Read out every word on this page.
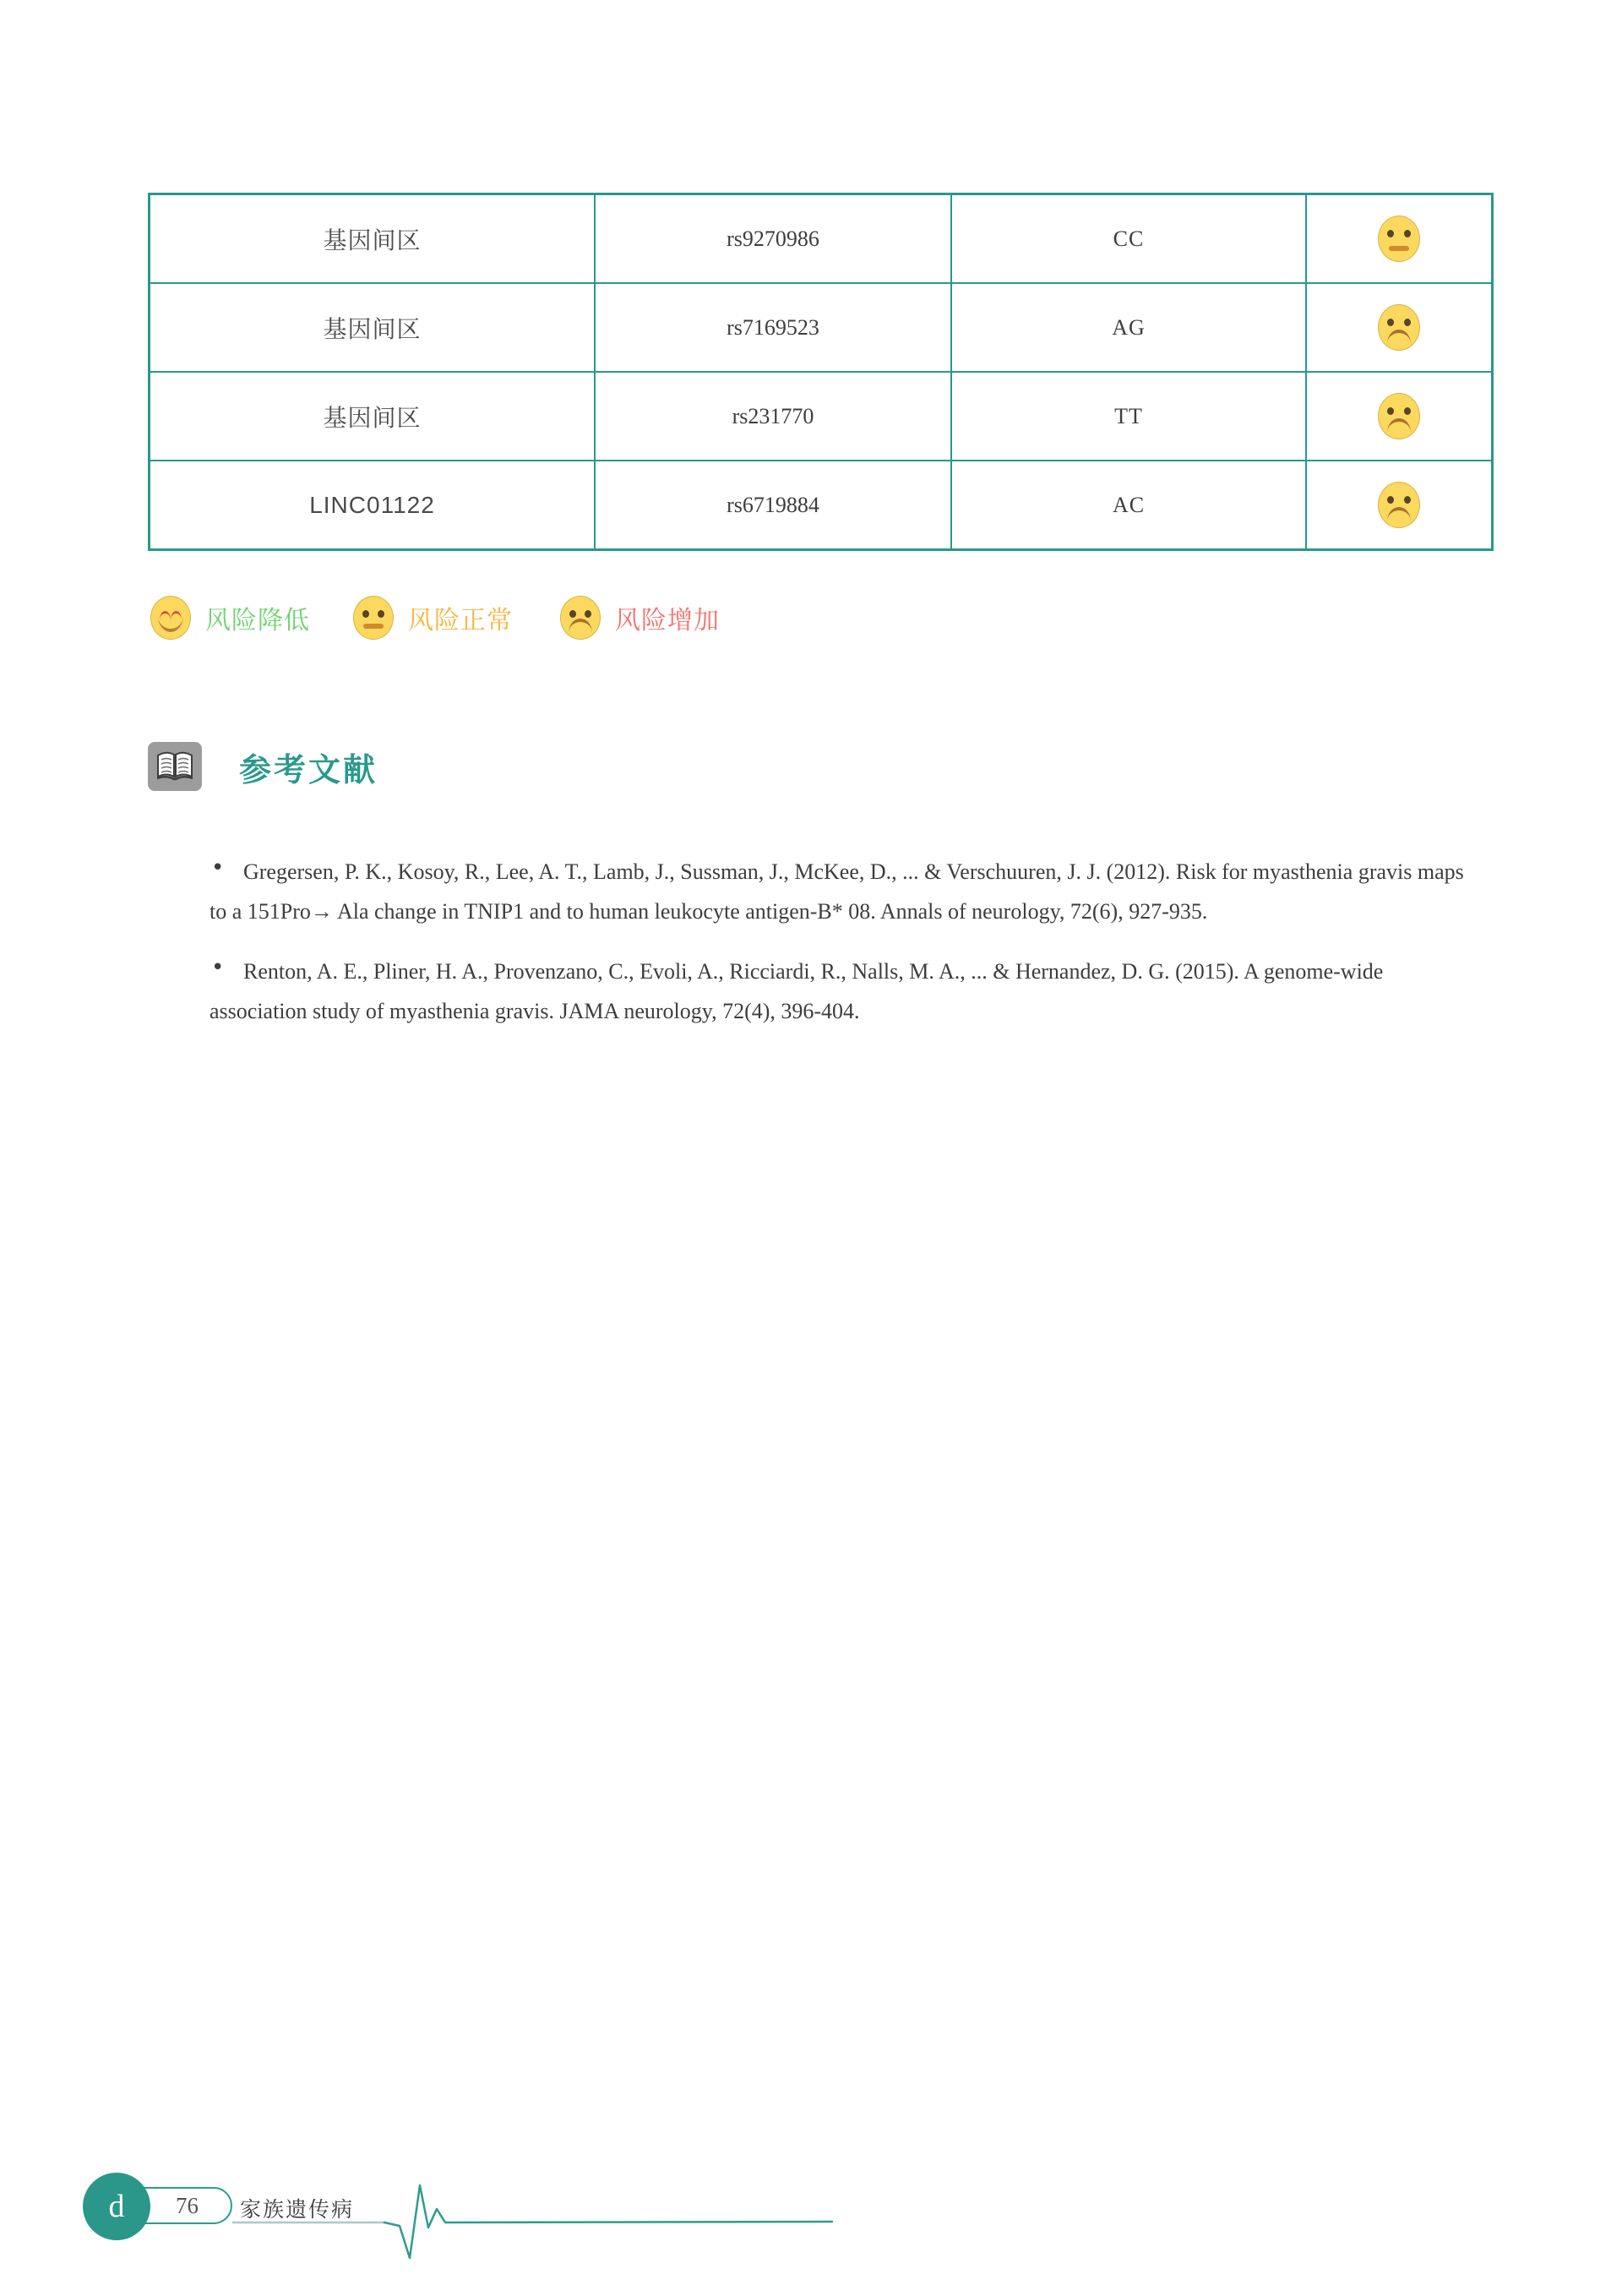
基因间区	rs9270986	CC	

基因间区	rs7169523	AG	

基因间区	rs231770	TT	

LINC01122	rs6719884	AC	
风险降低	风险正常	风险增加
参考文献
• Gregersen, P. K., Kosoy, R., Lee, A. T., Lamb, J., Sussman, J., McKee, D., ... & Verschuuren, J. J. (2012). Risk for myasthenia gravis maps to a 151Pro→ Ala change in TNIP1 and to human leukocyte antigen-B* 08. Annals of neurology, 72(6), 927-935.
• Renton, A. E., Pliner, H. A., Provenzano, C., Evoli, A., Ricciardi, R., Nalls, M. A., ... & Hernandez, D. G. (2015). A genome-wide association study of myasthenia gravis. JAMA neurology, 72(4), 396-404.
76
d	家族遗传病
